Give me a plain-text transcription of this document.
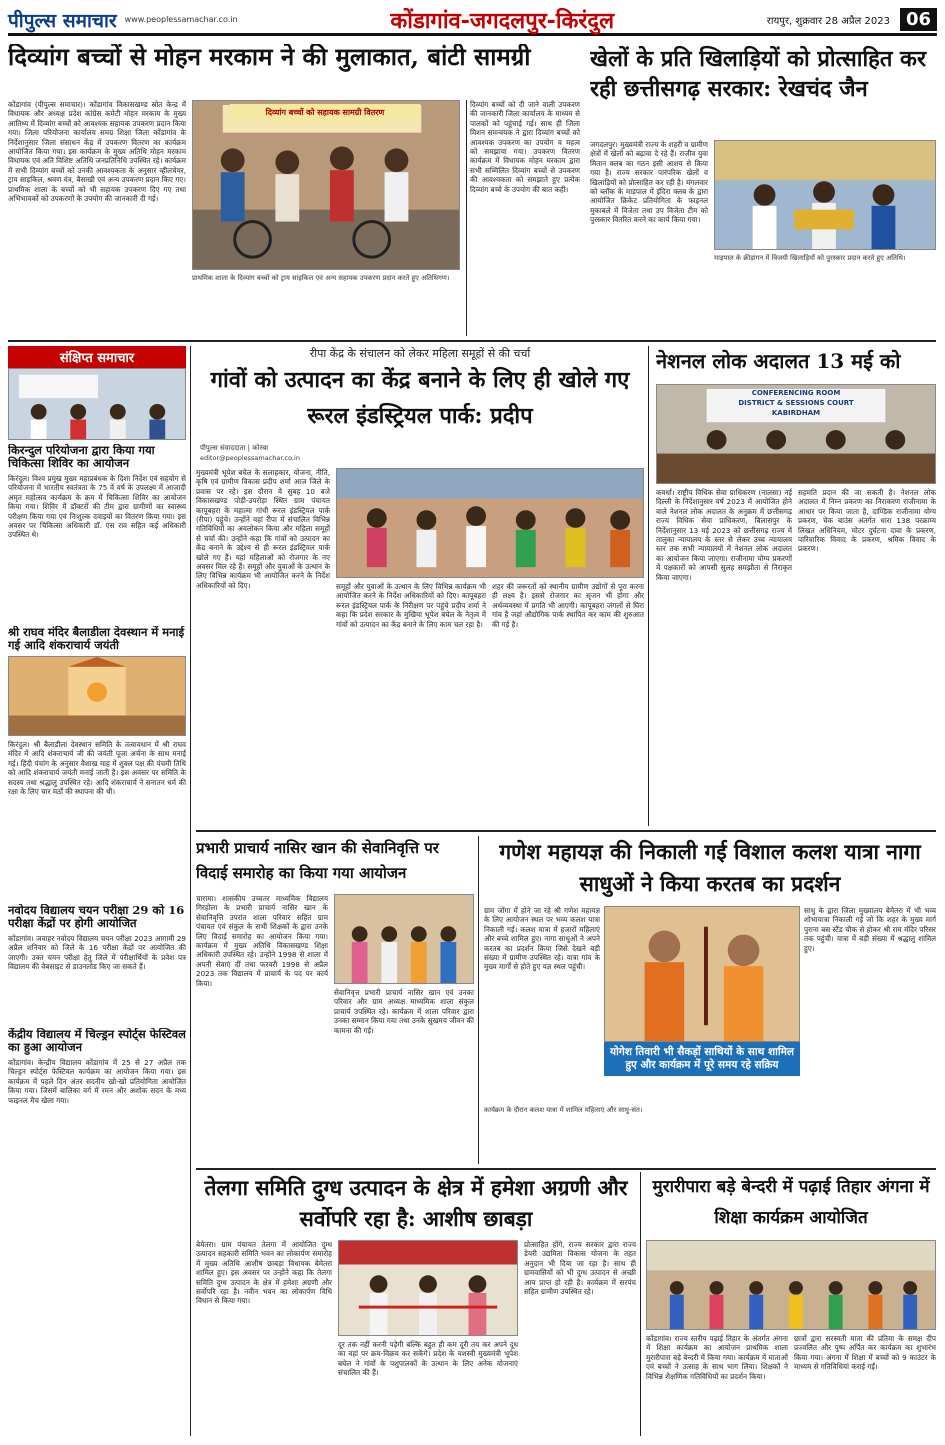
पीपुल्स समाचार www.peoplessamachar.co.in	कोंडागांव-जगदलपुर-किरंदुल	रायपुर, शुक्रवार 28 अप्रैल 2023 06
दिव्यांग बच्चों से मोहन मरकाम ने की मुलाकात, बांटी सामग्री
कोंडागांव (पीपुल्स समाचार)। कोंडागांव विकासखण्ड स्रोत केन्द्र में विधायक और अध्यक्ष प्रदेश कांग्रेस कमेटी मोहन मरकाम के मुख्य आतिथ्य में दिव्यांग बच्चों को आवश्यक सहायक उपकरण प्रदान किया गया। जिला परियोजना कार्यालय समग्र शिक्षा जिला कोंडागांव के निर्देशानुसार जिला संसाधन केंद्र में उपकरण वितरण का कार्यक्रम आयोजित किया गया। इस कार्यक्रम के मुख्य अतिथि मोहन मरकाम विधायक एवं अति विशिष्ट अतिथि जनप्रतिनिधि उपस्थित रहे। कार्यक्रम में सभी दिव्यांग बच्चों को उनकी आवश्यकता के अनुसार व्हीलचेयर, ट्राय साइकिल, श्रवण यंत्र, बैसाखी एवं अन्य उपकरण प्रदान किए गए। प्राथमिक शाला के बच्चों को भी सहायक उपकरण दिए गए तथा अभिभावकों को उपकरणों के उपयोग की जानकारी दी गई।
दिव्यांग बच्चों को सहायक सामग्री वितरण
प्राथमिक शाला के दिव्यांग बच्चों को ट्राय साइकिल एवं अन्य सहायक उपकरण प्रदान करते हुए अतिथिगण।
दिव्यांग बच्चों को दी जाने वाली उपकरण की जानकारी जिला कार्यालय के माध्यम से पालकों को पहुंचाई गई। साथ ही जिला मिशन समन्वयक ने द्वारा दिव्यांग बच्चों को आवश्यक उपकरण का उपयोग व महत्व को समझाया गया। उपकरण वितरण कार्यक्रम में विधायक मोहन मरकाम द्वारा सभी सम्मिलित दिव्यांग बच्चों से उपकरण की आवश्यकता को समझाते हुए प्रत्येक दिव्यांग बच्चे के उपयोग की बात कही।
खेलों के प्रति खिलाड़ियों को प्रोत्साहित कर रही छत्तीसगढ़ सरकार: रेखचंद जैन
जगदलपुर। मुख्यमंत्री राज्य के शहरी व ग्रामीण क्षेत्रों में खेलों को बढ़ावा दे रहे हैं। राजीव युवा मितान क्लब का गठन इसी आशय से किया गया है। राज्य सरकार पारंपरिक खेलों व खिलाड़ियों को प्रोत्साहित कर रही है। मंगलवार को ब्लॉक के माड़पाल में इंदिरा क्लब के द्वारा आयोजित क्रिकेट प्रतियोगिता के फाइनल मुकाबले में विजेता तथा उप विजेता टीम को पुरस्कार वितरित करने का कार्य किया गया।
माड़पाल के क्रीड़ांगन में विजयी खिलाड़ियों को पुरस्कार प्रदान करते हुए अतिथि।
संक्षिप्त समाचार
किरन्दुल परियोजना द्वारा किया गया चिकित्सा शिविर का आयोजन
किरंदुल। विश्व प्रमुख मुख्य महाप्रबंधक के दिशा निर्देश एवं सहयोग से परियोजना में भारतीय स्वतंत्रता के 75 वें वर्ष के उपलक्ष्य में आजादी अमृत महोत्सव कार्यक्रम के क्रम में चिकित्सा शिविर का आयोजन किया गया। शिविर में डॉक्टरों की टीम द्वारा ग्रामीणों का स्वास्थ्य परीक्षण किया गया एवं निःशुल्क दवाइयों का वितरण किया गया। इस अवसर पर चिकित्सा अधिकारी डॉ. एस राव सहित कई अधिकारी उपस्थित थे।
श्री राघव मंदिर बैलाडीला देवस्थान में मनाई गई आदि शंकराचार्य जयंती
किरंदुल। श्री बैलाडीला देवस्थान समिति के तत्वावधान में श्री राघव मंदिर में आदि शंकराचार्य जी की जयंती पूजा अर्चना के साथ मनाई गई। हिंदी पंचांग के अनुसार वैशाख माह में शुक्ल पक्ष की पंचमी तिथि को आदि शंकराचार्य जयंती मनाई जाती है। इस अवसर पर समिति के सदस्य तथा श्रद्धालु उपस्थित रहे। आदि शंकराचार्य ने सनातन धर्म की रक्षा के लिए चार मठों की स्थापना की थी।
नवोदय विद्यालय चयन परीक्षा 29 को 16 परीक्षा केंद्रों पर होगी आयोजित
कोंडागांव। जवाहर नवोदय विद्यालय चयन परीक्षा 2023 आगामी 29 अप्रैल शनिवार को जिले के 16 परीक्षा केंद्रों पर आयोजित की जाएगी। उक्त चयन परीक्षा हेतु जिले में परीक्षार्थियों के प्रवेश पत्र विद्यालय की वेबसाइट से डाउनलोड किए जा सकते हैं।
केंद्रीय विद्यालय में चिल्ड्रन स्पोर्ट्स फेस्टिवल का हुआ आयोजन
कोंडागांव। केन्द्रीय विद्यालय कोंडागांव में 25 से 27 अप्रैल तक चिल्ड्रन स्पोर्ट्स फेस्टिवल कार्यक्रम का आयोजन किया गया। इस कार्यक्रम में पहले दिन अंतर सदनीय खो-खो प्रतियोगिता आयोजित किया गया। जिसमें बालिका वर्ग में रमन और अशोक सदन के मध्य फाइनल मैच खेला गया।
रीपा केंद्र के संचालन को लेकर महिला समूहों से की चर्चा
गांवों को उत्पादन का केंद्र बनाने के लिए ही खोले गए रूरल इंडस्ट्रियल पार्क: प्रदीप
पीपुल्स संवाददाता | कोरबा
editor@peoplessamachar.co.in
मुख्यमंत्री भूपेश बघेल के सलाहकार, योजना, नीति, कृषि एवं ग्रामीण विकास प्रदीप शर्मा आज जिले के प्रवास पर रहे। इस दौरान वे सुबह 10 बजे विकासखण्ड पोड़ी-उपरोड़ा स्थित ग्राम पंचायत कापूबहरा के महात्मा गांधी रूरल इंडस्ट्रियल पार्क (रीपा) पहुंचे। उन्होंने वहां रीपा में संचालित विभिन्न गतिविधियों का अवलोकन किया और महिला समूहों से चर्चा की। उन्होंने कहा कि गांवों को उत्पादन का केंद्र बनाने के उद्देश्य से ही रूरल इंडस्ट्रियल पार्क खोले गए हैं। यहां महिलाओं को रोजगार के नए अवसर मिल रहे हैं। समूहों और युवाओं के उत्थान के लिए विभिन्न कार्यक्रम भी आयोजित करने के निर्देश अधिकारियों को दिए।	समूहों और युवाओं के उत्थान के लिए विभिन्न कार्यक्रम भी आयोजित करने के निर्देश अधिकारियों को दिए। कापूबहरा रूरल इंडस्ट्रियल पार्क के निरीक्षण पर पहुंचे प्रदीप शर्मा ने कहा कि प्रदेश सरकार के मुखिया भूपेश बघेल के नेतृत्व में गांवों को उत्पादन का केंद्र बनाने के लिए काम चल रहा है।
शहर की जरूरतों को स्थानीय ग्रामीण उद्योगों से पूरा करना ही लक्ष्य है। इससे रोजगार का सृजन भी होगा और अर्थव्यवस्था में प्रगति भी आएगी। कापूबहरा जंगलों से घिरा गांव है जहां औद्योगिक पार्क स्थापित कर काम की शुरुआत की गई है।
नेशनल लोक अदालत 13 मई को
CONFERENCING ROOM
DISTRICT & SESSIONS COURT
KABIRDHAM
कवर्धा। राष्ट्रीय विधिक सेवा प्राधिकरण (नालसा) नई दिल्ली के निर्देशानुसार वर्ष 2023 में आयोजित होने वाले नेशनल लोक अदालत के अनुक्रम में छत्तीसगढ़ राज्य विधिक सेवा प्राधिकरण, बिलासपुर के निर्देशानुसार 13 मई 2023 को छत्तीसगढ़ राज्य में तालुका न्यायालय के स्तर से लेकर उच्च न्यायालय स्तर तक सभी न्यायालयों में नेशनल लोक अदालत का आयोजन किया जाएगा। राजीनामा योग्य प्रकरणों में पक्षकारों को आपसी सुलह समझौता से निराकृत किया जाएगा।
सहमति प्रदान की जा सकती है। नेशनल लोक अदालत में निम्न प्रकरण का निराकरण राजीनामा के आधार पर किया जाता है, दाण्डिक राजीनामा योग्य प्रकरण, चेक बाउंस अंतर्गत धारा 138 परक्राम्य लिखत अधिनियम, मोटर दुर्घटना दावा के प्रकरण, पारिवारिक विवाद के प्रकरण, श्रमिक विवाद के प्रकरण।
प्रभारी प्राचार्य नासिर खान की सेवानिवृत्ति पर विदाई समारोह का किया गया आयोजन
चारामा। शासकीय उच्चतर माध्यमिक विद्यालय गिरहोला के प्रभारी प्राचार्य नासिर खान के सेवानिवृत्ति उपरांत शाला परिवार सहित ग्राम पंचायत एवं संकुल के सभी शिक्षकों के द्वारा उनके लिए विदाई समारोह का आयोजन किया गया। कार्यक्रम में मुख्य अतिथि विकासखण्ड शिक्षा अधिकारी उपस्थित रहे। उन्होंने 1998 से शाला में अपनी सेवाएं दीं तथा फरवरी 1998 से अप्रैल 2023 तक विद्यालय में प्राचार्य के पद पर कार्य किया।
सेवानिवृत्त प्रभारी प्राचार्य नासिर खान एवं उनका परिवार और ग्राम अध्यक्ष माध्यमिक शाला संकुल प्राचार्य उपस्थित रहे। कार्यक्रम में शाला परिवार द्वारा उनका सम्मान किया गया तथा उनके सुखमय जीवन की कामना की गई।
गणेश महायज्ञ की निकाली गई विशाल कलश यात्रा नागा साधुओं ने किया करतब का प्रदर्शन
ग्राम जोंगा में होने जा रहे श्री गणेश महायज्ञ के लिए आयोजन स्थल पर भव्य कलश यात्रा निकाली गई। कलश यात्रा में हजारों महिलाएं और बच्चे शामिल हुए। नागा साधुओं ने अपने करतब का प्रदर्शन किया जिसे देखने बड़ी संख्या में ग्रामीण उपस्थित रहे। यात्रा गांव के मुख्य मार्गों से होते हुए यज्ञ स्थल पहुंची।
योगेश तिवारी भी सैकड़ों साथियों के साथ शामिल हुए और कार्यक्रम में पूरे समय रहे सक्रिय
साधु के द्वारा जिला मुख्यालय बेमेतरा में भी भव्य शोभायात्रा निकाली गई जो कि शहर के मुख्य मार्ग पुराना बस स्टैंड चौक से होकर श्री राम मंदिर परिसर तक पहुंची। यात्रा में बड़ी संख्या में श्रद्धालु शामिल हुए।
कार्यक्रम के दौरान कलश यात्रा में शामिल महिलाएं और साधु-संत।
तेलगा समिति दुग्ध उत्पादन के क्षेत्र में हमेशा अग्रणी और सर्वोपरि रहा है: आशीष छाबड़ा
बेमेतरा। ग्राम पंचायत तेलगा में आयोजित दुग्ध उत्पादन सहकारी समिति भवन का लोकार्पण समारोह में मुख्य अतिथि आशीष छाबड़ा विधायक बेमेतरा शामिल हुए। इस अवसर पर उन्होंने कहा कि तेलगा समिति दुग्ध उत्पादन के क्षेत्र में हमेशा अग्रणी और सर्वोपरि रहा है। नवीन भवन का लोकार्पण विधि विधान से किया गया।
दूर तक नहीं करनी पड़ेगी बल्कि बहुत ही कम दूरी तय कर अपने दूध का वहां पर क्रय-विक्रय कर सकेंगे। प्रदेश के यशस्वी मुख्यमंत्री भूपेश बघेल ने गांवों के पशुपालकों के उत्थान के लिए अनेक योजनाएं संचालित की हैं।
प्रोत्साहित होंगे, राज्य सरकार द्वारा राज्य डेयरी उद्यमिता विकास योजना के तहत अनुदान भी दिया जा रहा है। साथ ही ग्रामवासियों को भी दुग्ध उत्पादन से अच्छी आय प्राप्त हो रही है। कार्यक्रम में सरपंच सहित ग्रामीण उपस्थित रहे।
मुरारीपारा बड़े बेन्दरी में पढ़ाई तिहार अंगना में शिक्षा कार्यक्रम आयोजित
कोंडागांव। राज्य स्तरीय पढ़ाई तिहार के अंतर्गत अंगना में शिक्षा कार्यक्रम का आयोजन प्राथमिक शाला मुरारीपारा बड़े बेन्दरी में किया गया। कार्यक्रम में माताओं एवं बच्चों ने उत्साह के साथ भाग लिया। शिक्षकों ने विभिन्न शैक्षणिक गतिविधियों का प्रदर्शन किया।
छात्रों द्वारा सरस्वती माता की प्रतिमा के समक्ष दीप प्रज्वलित और पुष्प अर्पित कर कार्यक्रम का शुभारंभ किया गया। अंगना में शिक्षा में बच्चों को 9 काउंटर के माध्यम से गतिविधियां कराई गईं।
